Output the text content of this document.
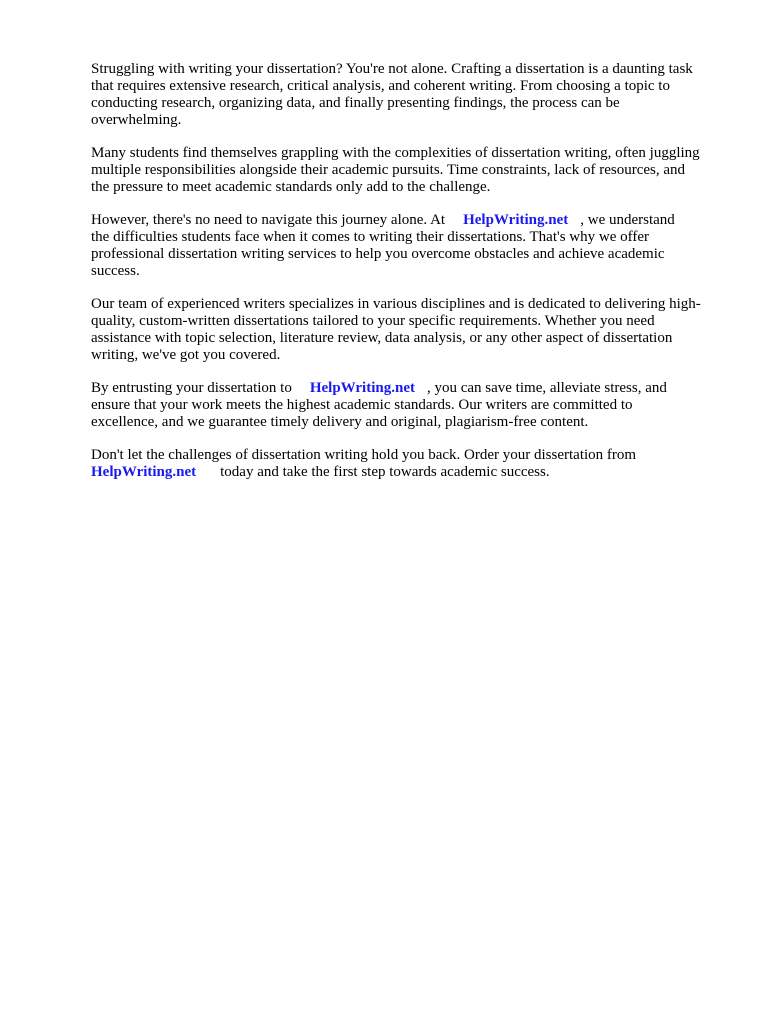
Struggling with writing your dissertation? You're not alone. Crafting a dissertation is a daunting task
that requires extensive research, critical analysis, and coherent writing. From choosing a topic to
conducting research, organizing data, and finally presenting findings, the process can be
overwhelming.

Many students find themselves grappling with the complexities of dissertation writing, often juggling
multiple responsibilities alongside their academic pursuits. Time constraints, lack of resources, and
the pressure to meet academic standards only add to the challenge.

However, there's no need to navigate this journey alone. At HelpWriting.net , we understand
the difficulties students face when it comes to writing their dissertations. That's why we offer
professional dissertation writing services to help you overcome obstacles and achieve academic
success.

Our team of experienced writers specializes in various disciplines and is dedicated to delivering high-
quality, custom-written dissertations tailored to your specific requirements. Whether you need
assistance with topic selection, literature review, data analysis, or any other aspect of dissertation
writing, we've got you covered.

By entrusting your dissertation to HelpWriting.net , you can save time, alleviate stress, and
ensure that your work meets the highest academic standards. Our writers are committed to
excellence, and we guarantee timely delivery and original, plagiarism-free content.

Don't let the challenges of dissertation writing hold you back. Order your dissertation from
HelpWriting.net today and take the first step towards academic success.
